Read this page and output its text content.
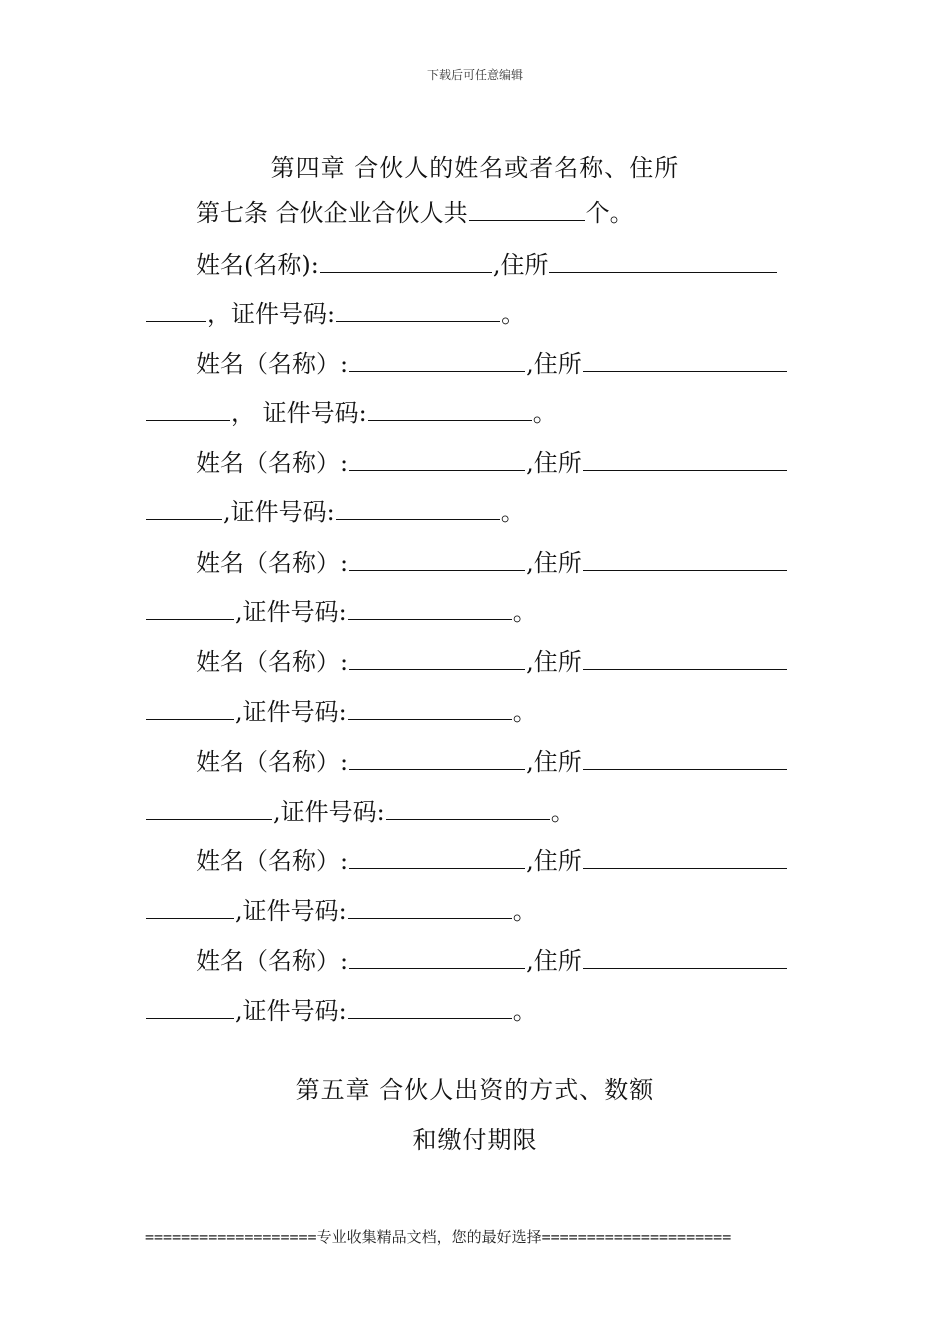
下载后可任意编辑
第四章 合伙人的姓名或者名称、住所
第七条 合伙企业合伙人共	个。
姓名(名称):	,住所
，证件号码:	。
姓名（名称）:	,住所
， 证件号码:	。
姓名（名称）:	,住所
,证件号码:	。
姓名（名称）:	,住所
,证件号码:	。
姓名（名称）:	,住所
,证件号码:	。
姓名（名称）:	,住所
,证件号码:	。
姓名（名称）:	,住所
,证件号码:	。
姓名（名称）:	,住所
,证件号码:	。
第五章 合伙人出资的方式、数额
和缴付期限
===================专业收集精品文档，您的最好选择=====================
